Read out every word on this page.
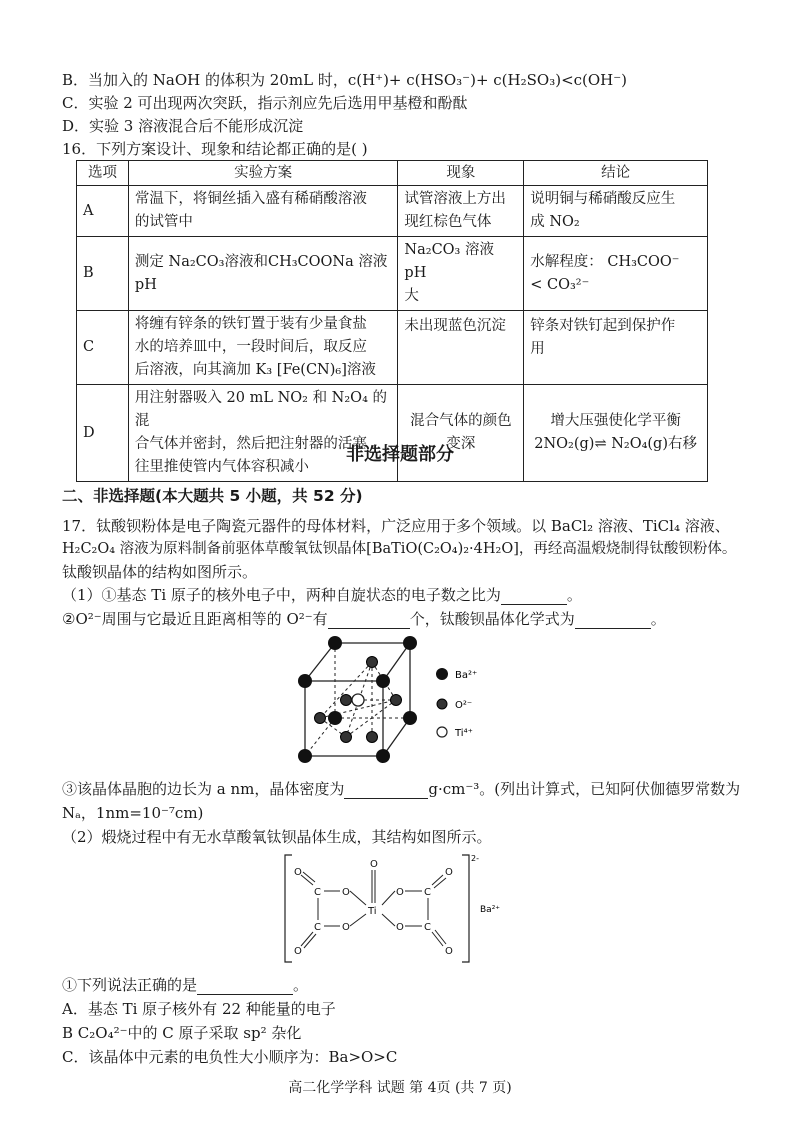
B．当加入的 NaOH 的体积为 20mL 时，c(H⁺)+ c(HSO₃⁻)+ c(H₂SO₃)<c(OH⁻)
C．实验 2 可出现两次突跃，指示剂应先后选用甲基橙和酚酞
D．实验 3 溶液混合后不能形成沉淀
16．下列方案设计、现象和结论都正确的是( )
选项	实验方案	现象	结论
A	常温下，将铜丝插入盛有稀硝酸溶液
的试管中	试管溶液上方出
现红棕色气体	说明铜与稀硝酸反应生
成 NO₂
B	测定 Na₂CO₃溶液和CH₃COONa 溶液
pH	Na₂CO₃ 溶液 pH
大	水解程度： CH₃COO⁻
< CO₃²⁻
C	将缠有锌条的铁钉置于装有少量食盐
水的培养皿中，一段时间后，取反应
后溶液，向其滴加 K₃ [Fe(CN)₆]溶液	未出现蓝色沉淀	锌条对铁钉起到保护作
用
D	用注射器吸入 20 mL NO₂ 和 N₂O₄ 的混
合气体并密封，然后把注射器的活塞
往里推使管内气体容积减小	混合气体的颜色
变深	增大压强使化学平衡
2NO₂(g)⇌ N₂O₄(g)右移
非选择题部分
二、非选择题(本大题共 5 小题，共 52 分)
17．钛酸钡粉体是电子陶瓷元器件的母体材料，广泛应用于多个领域。以 BaCl₂ 溶液、TiCl₄ 溶液、
H₂C₂O₄ 溶液为原料制备前驱体草酸氧钛钡晶体[BaTiO(C₂O₄)₂·4H₂O]，再经高温煅烧制得钛酸钡粉体。
钛酸钡晶体的结构如图所示。
（1）①基态 Ti 原子的核外电子中，两种自旋状态的电子数之比为	。
②O²⁻周围与它最近且距离相等的 O²⁻有	个，钛酸钡晶体化学式为	。
Ba²⁺
O²⁻
Ti⁴⁺
③该晶体晶胞的边长为 a nm，晶体密度为	g·cm⁻³。(列出计算式，已知阿伏伽德罗常数为
Nₐ，1nm=10⁻⁷cm)
（2）煅烧过程中有无水草酸氧钛钡晶体生成，其结构如图所示。
2-
Ba²⁺
O
C O
O
Ti
O C
O
C O	O C
O	O
①下列说法正确的是	。
A．基态 Ti 原子核外有 22 种能量的电子
B C₂O₄²⁻中的 C 原子采取 sp² 杂化
C．该晶体中元素的电负性大小顺序为：Ba>O>C
高二化学学科 试题 第 4页 (共 7 页)
